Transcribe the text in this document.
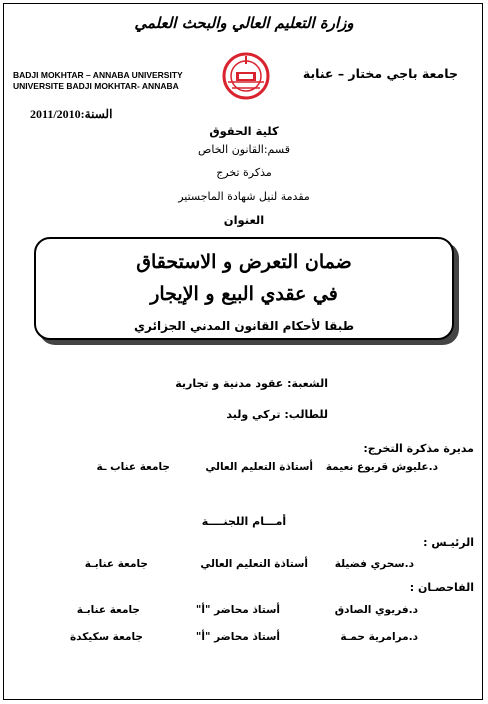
وزارة التعليم العالي والبحث العلمي
BADJI MOKHTAR – ANNABA UNIVERSITY
UNIVERSITE BADJI MOKHTAR- ANNABA
جامعة باجي مختار – عنابة
السنة:2011/2010
كلية الحقوق
قسم:القانون الخاص
مذكرة تخرج
مقدمة لنيل شهادة الماجستير
العنوان
ضمان التعرض و الاستحقاق
في عقدي البيع و الإيجار
طبقا لأحكام القانون المدني الجزائري
الشعبة: عقود مدنية و تجارية
للطالب: تركي وليد
مديرة مذكرة التخرج:
د.عليوش قربوع نعيمة
أستاذة التعليم العالي
جامعة عناب ـة
أمـــام اللجنــــة
الرئيـس :
د.سحري فضيلة
أستاذة التعليم العالي
جامعة عنابـة
الفاحصـان :
د.فريوي الصادق
أستاذ محاضر "أ"
جامعة عنابـة
د.مرامرية حمـة
أستاذ محاضر "أ"
جامعة سكيكدة
